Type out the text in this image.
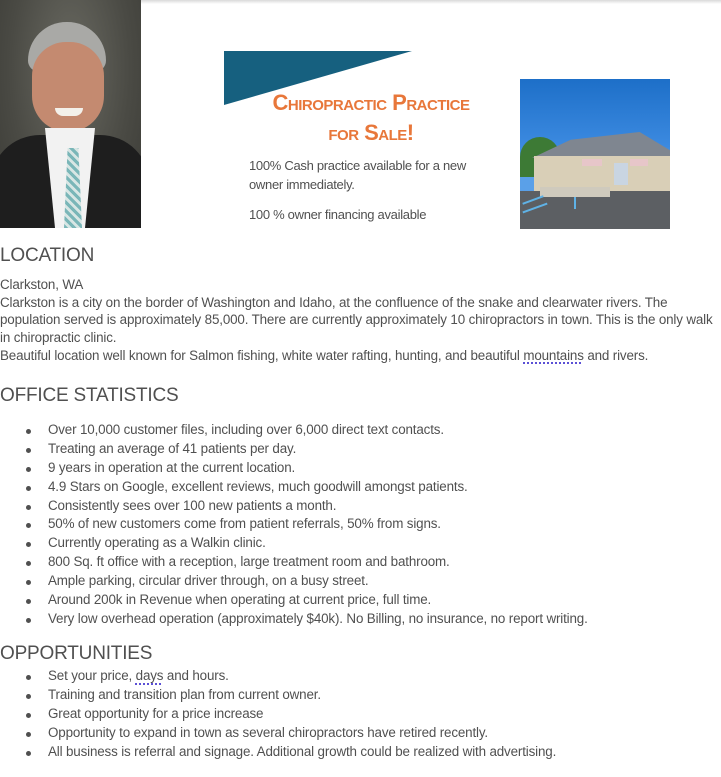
Chiropractic Practice
for Sale!

100% Cash practice available for a new owner immediately.

100 % owner financing available

LOCATION

Clarkston, WA

Clarkston is a city on the border of Washington and Idaho, at the confluence of the snake and clearwater rivers. The population served is approximately 85,000. There are currently approximately 10 chiropractors in town. This is the only walk in chiropractic clinic.

Beautiful location well known for Salmon fishing, white water rafting, hunting, and beautiful mountains and rivers.

OFFICE STATISTICS
Over 10,000 customer files, including over 6,000 direct text contacts.
Treating an average of 41 patients per day.
9 years in operation at the current location.
4.9 Stars on Google, excellent reviews, much goodwill amongst patients.
Consistently sees over 100 new patients a month.
50% of new customers come from patient referrals, 50% from signs.
Currently operating as a Walkin clinic.
800 Sq. ft office with a reception, large treatment room and bathroom.
Ample parking, circular driver through, on a busy street.
Around 200k in Revenue when operating at current price, full time.
Very low overhead operation (approximately $40k). No Billing, no insurance, no report writing.
OPPORTUNITIES
Set your price, days and hours.
Training and transition plan from current owner.
Great opportunity for a price increase
Opportunity to expand in town as several chiropractors have retired recently.
All business is referral and signage. Additional growth could be realized with advertising.
